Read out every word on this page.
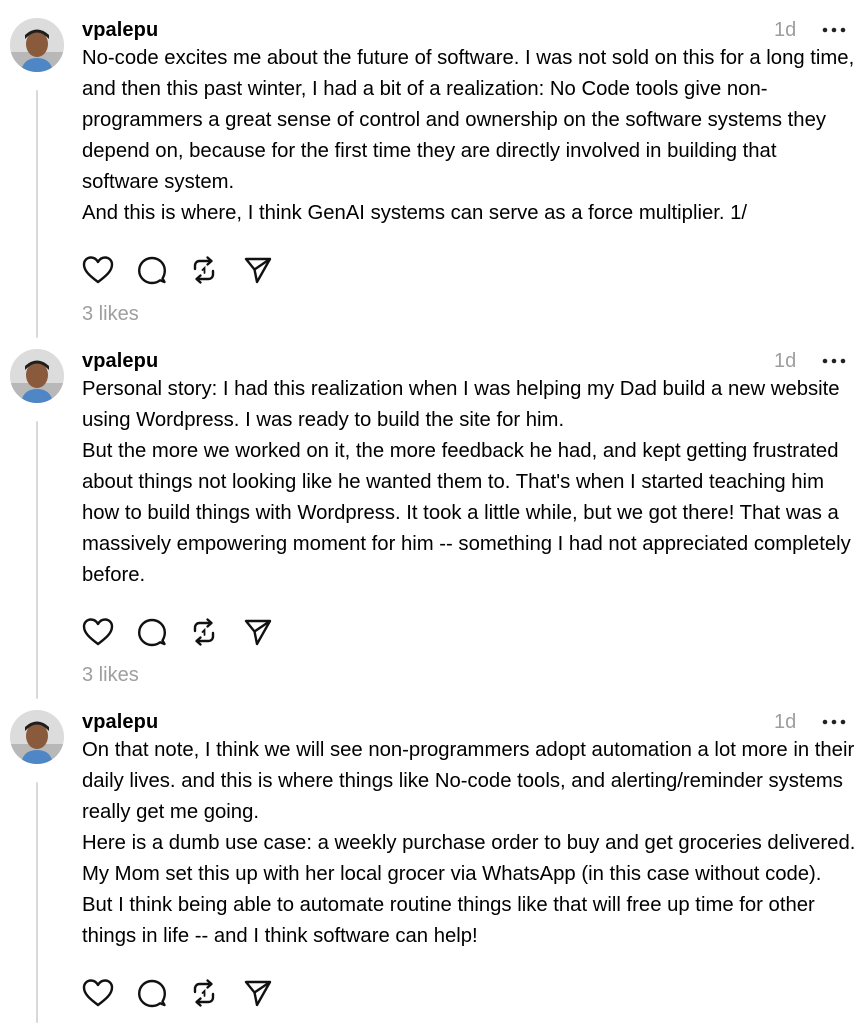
vpalepu	1d
No-code excites me about the future of software. I was not sold on this for a long time, and then this past winter, I had a bit of a realization: No Code tools give non-programmers a great sense of control and ownership on the software systems they depend on, because for the first time they are directly involved in building that software system.
And this is where, I think GenAI systems can serve as a force multiplier. 1/
3 likes
vpalepu	1d
Personal story: I had this realization when I was helping my Dad build a new website using Wordpress. I was ready to build the site for him.
But the more we worked on it, the more feedback he had, and kept getting frustrated about things not looking like he wanted them to. That's when I started teaching him how to build things with Wordpress. It took a little while, but we got there! That was a massively empowering moment for him -- something I had not appreciated completely before.
3 likes
vpalepu	1d
On that note, I think we will see non-programmers adopt automation a lot more in their daily lives. and this is where things like No-code tools, and alerting/reminder systems really get me going.
Here is a dumb use case: a weekly purchase order to buy and get groceries delivered. My Mom set this up with her local grocer via WhatsApp (in this case without code). But I think being able to automate routine things like that will free up time for other things in life -- and I think software can help!
